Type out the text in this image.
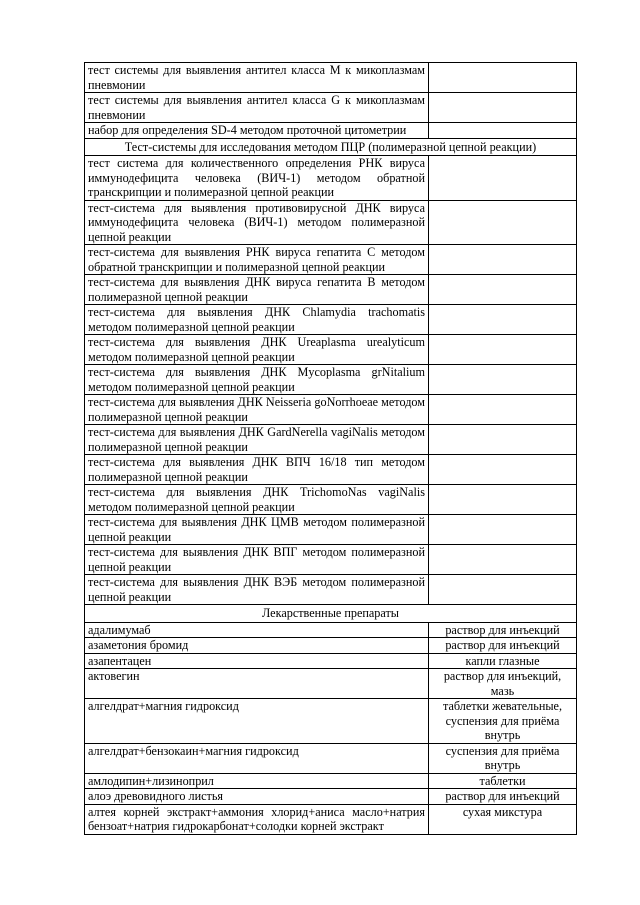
тест системы для выявления антител класса M к микоплазмам пневмонии	
тест системы для выявления антител класса G к микоплазмам пневмонии	
набор для определения SD-4 методом проточной цитометрии	
Тест-системы для исследования методом ПЦР (полимеразной цепной реакции)	
тест система для количественного определения РНК вируса иммунодефицита человека (ВИЧ-1) методом обратной транскрипции и полимеразной цепной реакции	
тест-система для выявления противовирусной ДНК вируса иммунодефицита человека (ВИЧ-1) методом полимеразной цепной реакции	
тест-система для выявления РНК вируса гепатита С методом обратной транскрипции и полимеразной цепной реакции	
тест-система для выявления ДНК вируса гепатита В методом полимеразной цепной реакции	
тест-система для выявления ДНК Chlamydia trachomatis методом полимеразной цепной реакции	
тест-система для выявления ДНК Ureaplasma urealyticum методом полимеразной цепной реакции	
тест-система для выявления ДНК Mycoplasma grNitalium методом полимеразной цепной реакции	
тест-система для выявления ДНК Neisseria goNorrhoeae методом полимеразной цепной реакции	
тест-система для выявления ДНК GardNerella vagiNalis методом полимеразной цепной реакции	
тест-система для выявления ДНК ВПЧ 16/18 тип методом полимеразной цепной реакции	
тест-система для выявления ДНК TrichomoNas vagiNalis методом полимеразной цепной реакции	
тест-система для выявления ДНК ЦМВ методом полимеразной цепной реакции	
тест-система для выявления ДНК ВПГ методом полимеразной цепной реакции	
тест-система для выявления ДНК ВЭБ методом полимеразной цепной реакции	
Лекарственные препараты	
адалимумаб	раствор для инъекций
азаметония бромид	раствор для инъекций
азапентацен	капли глазные
актовегин	раствор для инъекций, мазь
алгелдрат+магния гидроксид	таблетки жевательные, суспензия для приёма внутрь
алгелдрат+бензокаин+магния гидроксид	суспензия для приёма внутрь
амлодипин+лизиноприл	таблетки
алоэ древовидного листья	раствор для инъекций
алтея корней экстракт+аммония хлорид+аниса масло+натрия бензоат+натрия гидрокарбонат+солодки корней экстракт	сухая микстура
